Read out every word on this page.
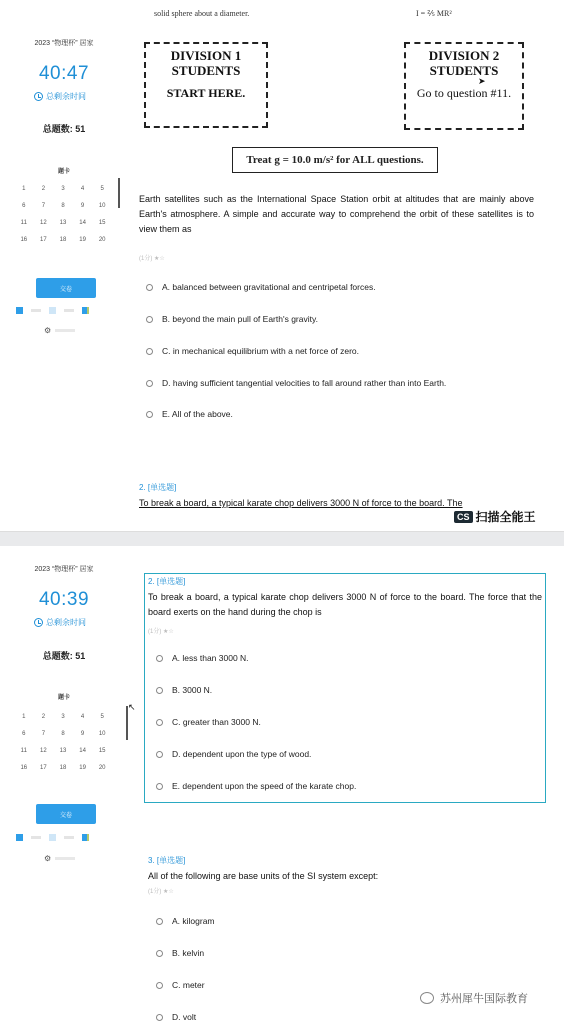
2023 “物理杯” 居家
40:47
总剩余时间
总题数: 51
题卡
1	2	3	4	5
6	7	8	9	10
11	12	13	14	15
16	17	18	19	20
交卷
⚙
solid sphere about a diameter.	I = ⅖ MR²
DIVISION 1
STUDENTS
START HERE.
DIVISION 2
STUDENTS
Go to question #11.
➤
Treat g = 10.0 m/s² for ALL questions.
Earth satellites such as the International Space Station orbit at altitudes that are mainly above Earth's atmosphere. A simple and accurate way to comprehend the orbit of these satellites is to view them as
(1分) ★☆
A. balanced between gravitational and centripetal forces.
B. beyond the main pull of Earth's gravity.
C. in mechanical equilibrium with a net force of zero.
D. having sufficient tangential velocities to fall around rather than into Earth.
E. All of the above.
2. [单选题]
To break a board, a typical karate chop delivers 3000 N of force to the board. The
CS 扫描全能王
2023 “物理杯” 居家
40:39
总剩余时间
总题数: 51
题卡
1	2	3	4	5
6	7	8	9	10
11	12	13	14	15
16	17	18	19	20
↖
交卷
⚙
2. [单选题]
To break a board, a typical karate chop delivers 3000 N of force to the board. The force that the board exerts on the hand during the chop is
(1分) ★☆
A. less than 3000 N.
B. 3000 N.
C. greater than 3000 N.
D. dependent upon the type of wood.
E. dependent upon the speed of the karate chop.
3. [单选题]
All of the following are base units of the SI system except:
(1分) ★☆
A. kilogram
B. kelvin
C. meter
D. volt
苏州犀牛国际教育
